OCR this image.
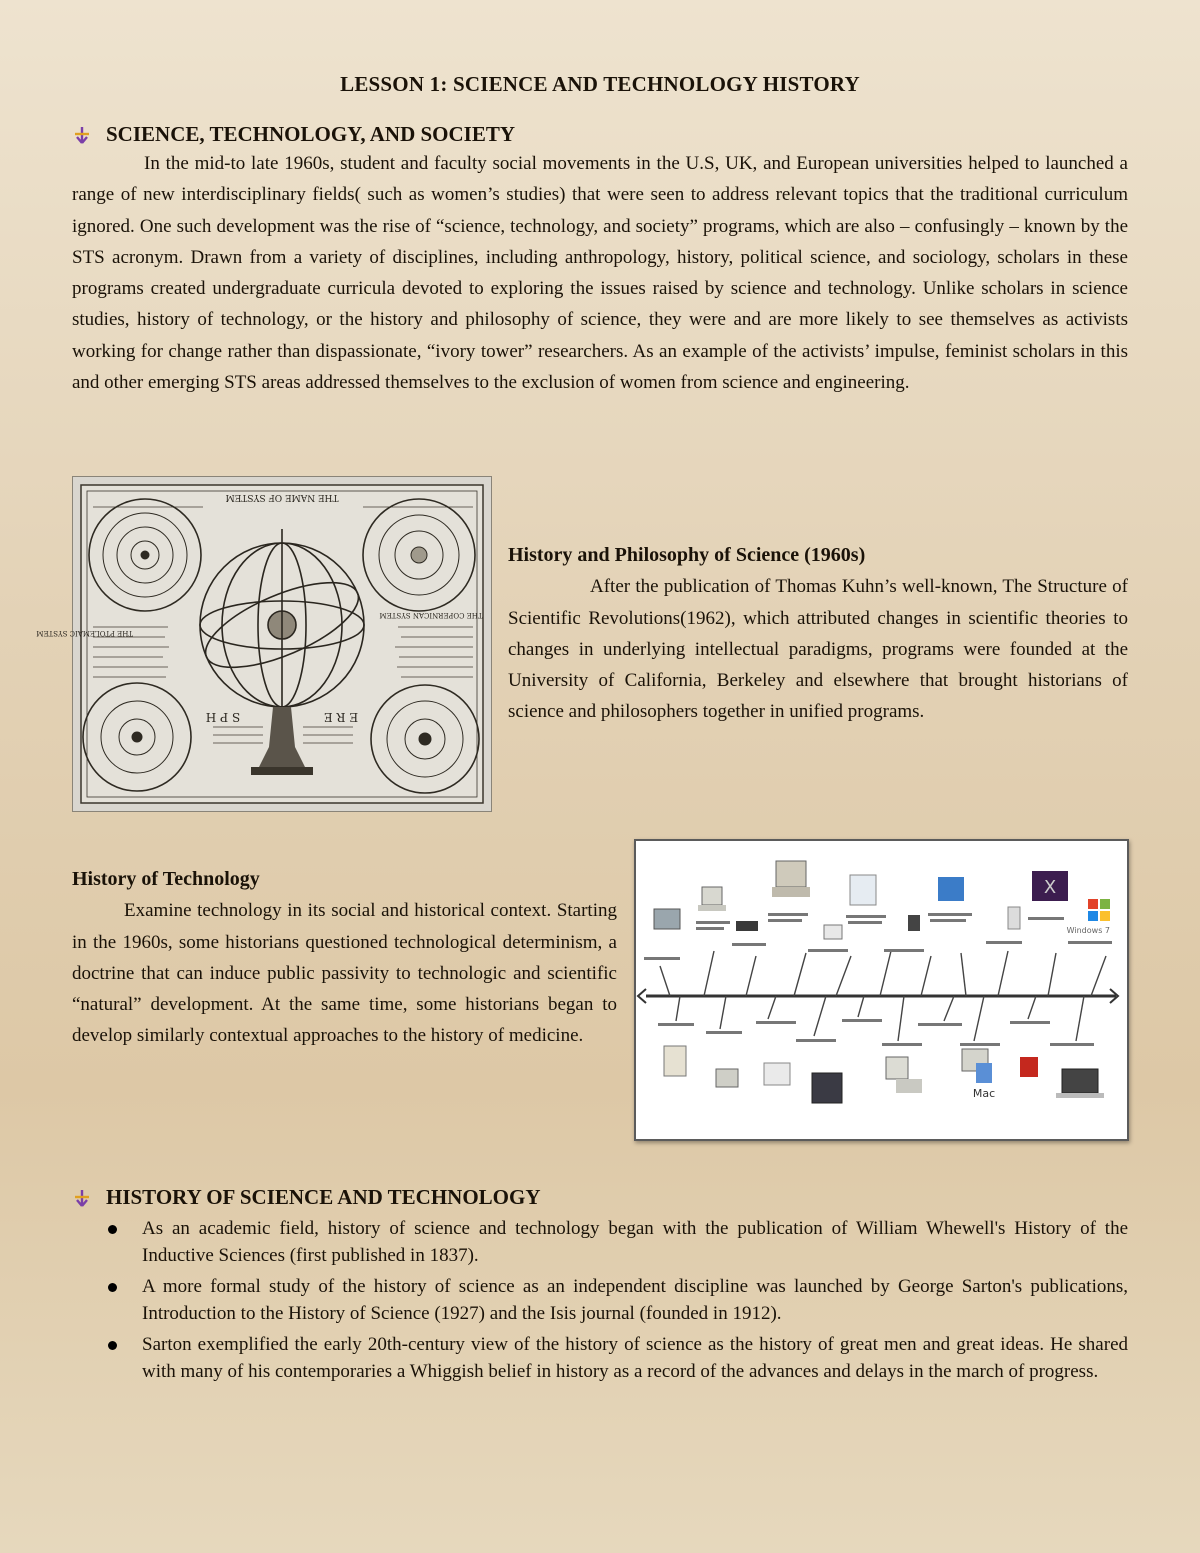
LESSON 1: SCIENCE AND TECHNOLOGY HISTORY
SCIENCE, TECHNOLOGY, AND SOCIETY
In the mid-to late 1960s, student and faculty social movements in the U.S, UK, and European universities helped to launched a range of new interdisciplinary fields( such as women’s studies) that were seen to address relevant topics that the traditional curriculum ignored. One such development was the rise of “science, technology, and society” programs, which are also – confusingly – known by the STS acronym. Drawn from a variety of disciplines, including anthropology, history, political science, and sociology, scholars in these programs created undergraduate curricula devoted to exploring the issues raised by science and technology. Unlike scholars in science studies, history of technology, or the history and philosophy of science, they were and are more likely to see themselves as activists working for change rather than dispassionate, “ivory tower” researchers. As an example of the activists’ impulse, feminist scholars in this and other emerging STS areas addressed themselves to the exclusion of women from science and engineering.
THE NAME OF SYSTEM
S P H	E R E
THE PTOLEMAIC SYSTEM
THE COPERNICAN SYSTEM
History and Philosophy of Science (1960s)
After the publication of Thomas Kuhn’s well-known, The Structure of Scientific Revolutions(1962), which attributed changes in scientific theories to changes in underlying intellectual paradigms, programs were founded at the University of California, Berkeley and elsewhere that brought historians of science and philosophers together in unified programs.
History of Technology
Examine technology in its social and historical context. Starting in the 1960s, some historians questioned technological determinism, a doctrine that can induce public passivity to technologic and scientific “natural” development. At the same time, some historians began to develop similarly contextual approaches to the history of medicine.
X
Windows 7
Mac
HISTORY OF SCIENCE AND TECHNOLOGY
As an academic field, history of science and technology began with the publication of William Whewell's History of the Inductive Sciences (first published in 1837).
A more formal study of the history of science as an independent discipline was launched by George Sarton's publications, Introduction to the History of Science (1927) and the Isis journal (founded in 1912).
Sarton exemplified the early 20th-century view of the history of science as the history of great men and great ideas. He shared with many of his contemporaries a Whiggish belief in history as a record of the advances and delays in the march of progress.
